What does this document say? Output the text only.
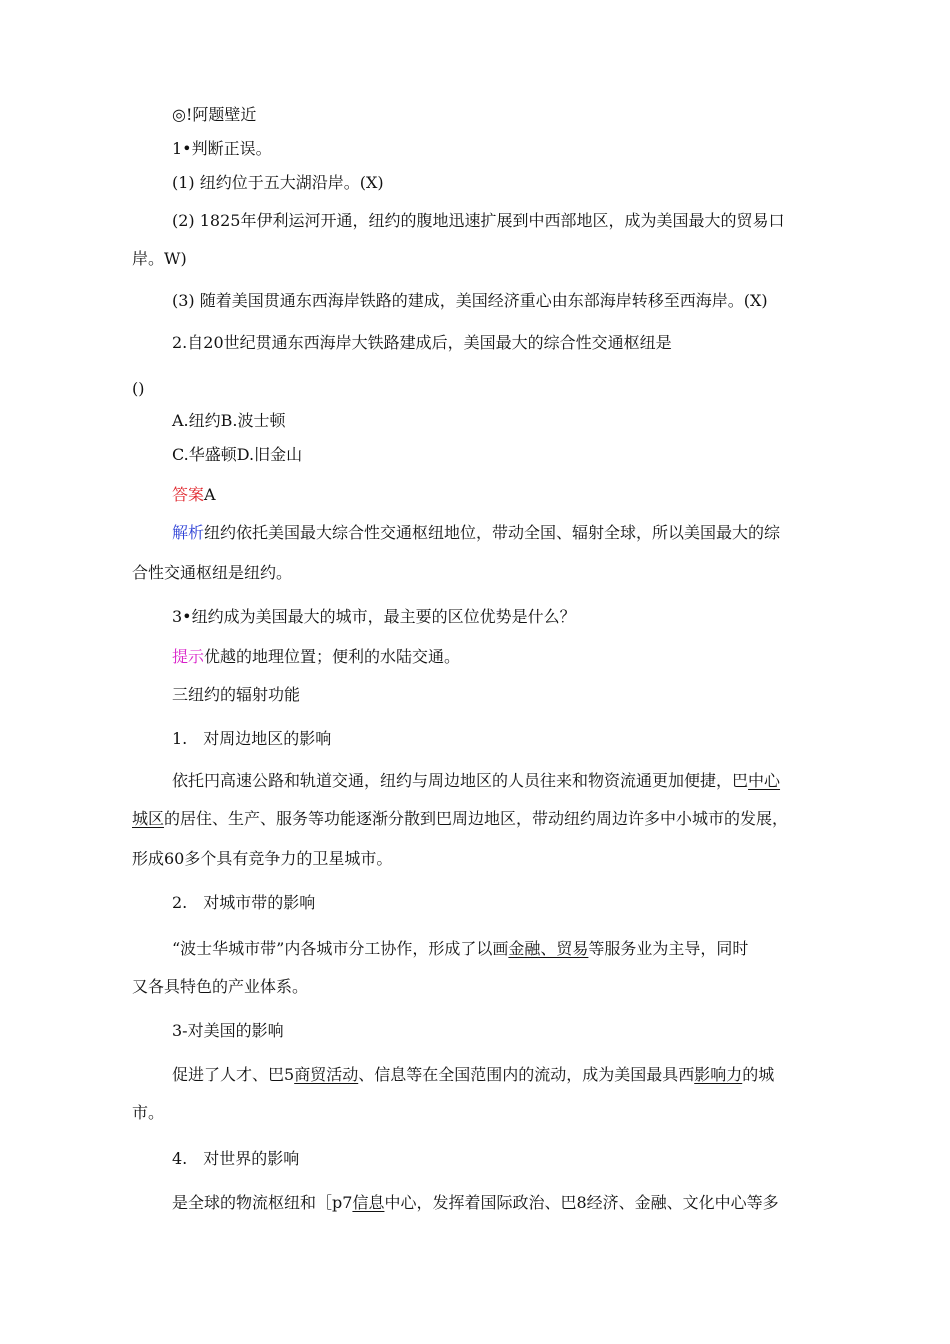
◎!阿题壁近
1•判断正误。
(1) 纽约位于五大湖沿岸。(X)
(2) 1825年伊利运河开通，纽约的腹地迅速扩展到中西部地区，成为美国最大的贸易口
岸。W)
(3) 随着美国贯通东西海岸铁路的建成，美国经济重心由东部海岸转移至西海岸。(X)
2.自20世纪贯通东西海岸大铁路建成后，美国最大的综合性交通枢纽是
()
A.纽约B.波士顿
C.华盛顿D.旧金山
答案A
解析纽约依托美国最大综合性交通枢纽地位，带动全国、辐射全球，所以美国最大的综
合性交通枢纽是纽约。
3•纽约成为美国最大的城市，最主要的区位优势是什么？
提示优越的地理位置；便利的水陆交通。
三纽约的辐射功能
1.　对周边地区的影响
依托円高速公路和轨道交通，纽约与周边地区的人员往来和物资流通更加便捷，巴中心
城区的居住、生产、服务等功能逐渐分散到巴周边地区，带动纽约周边许多中小城市的发展，
形成60多个具有竞争力的卫星城市。
2.　对城市带的影响
“波士华城市带”内各城市分工协作，形成了以画金融、贸易等服务业为主导，同时
又各具特色的产业体系。
3-对美国的影响
促进了人才、巴5商贸活动、信息等在全国范围内的流动，成为美国最具西影响力的城
市。
4.　对世界的影响
是全球的物流枢纽和［p7信息中心，发挥着国际政治、巴8经济、金融、文化中心等多
